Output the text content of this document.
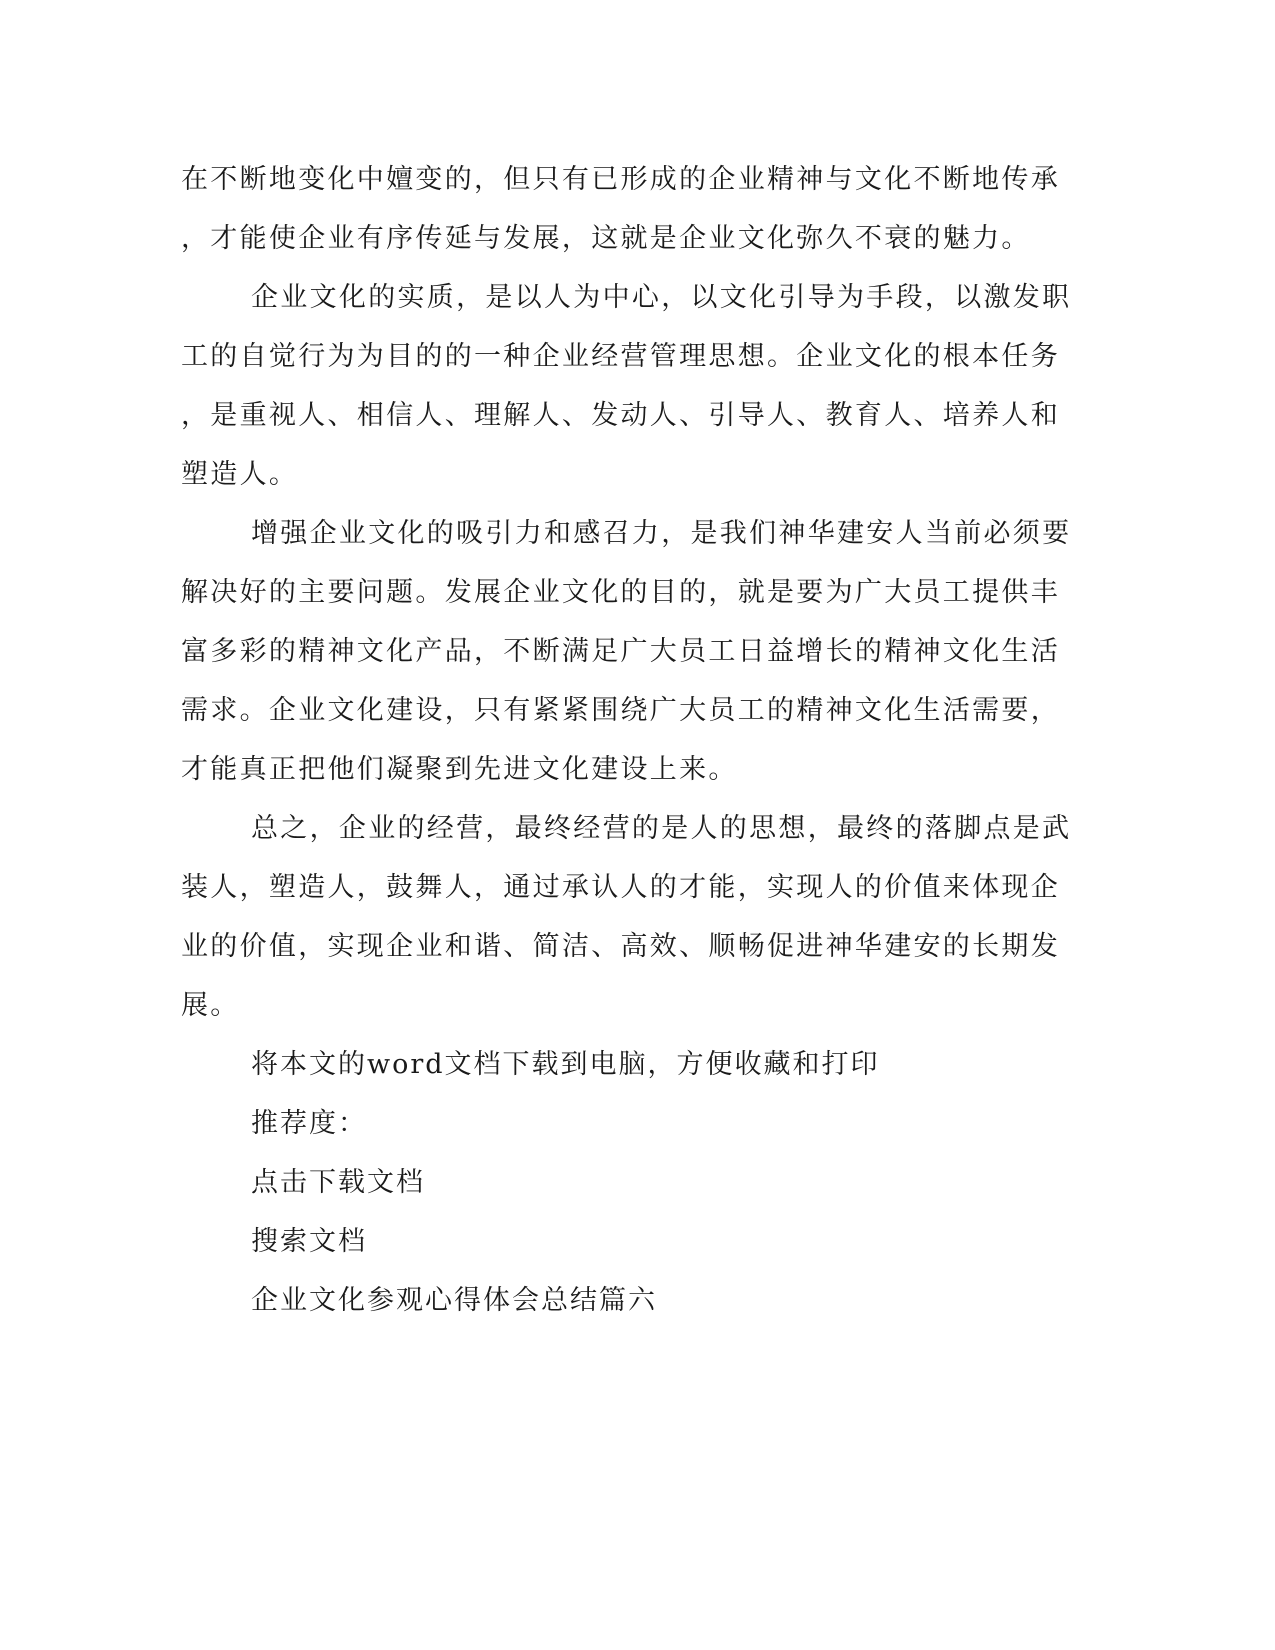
在不断地变化中嬗变的，但只有已形成的企业精神与文化不断地传承

，才能使企业有序传延与发展，这就是企业文化弥久不衰的魅力。

企业文化的实质，是以人为中心，以文化引导为手段，以激发职

工的自觉行为为目的的一种企业经营管理思想。企业文化的根本任务

，是重视人、相信人、理解人、发动人、引导人、教育人、培养人和

塑造人。

增强企业文化的吸引力和感召力，是我们神华建安人当前必须要

解决好的主要问题。发展企业文化的目的，就是要为广大员工提供丰

富多彩的精神文化产品，不断满足广大员工日益增长的精神文化生活

需求。企业文化建设，只有紧紧围绕广大员工的精神文化生活需要，

才能真正把他们凝聚到先进文化建设上来。

总之，企业的经营，最终经营的是人的思想，最终的落脚点是武

装人，塑造人，鼓舞人，通过承认人的才能，实现人的价值来体现企

业的价值，实现企业和谐、简洁、高效、顺畅促进神华建安的长期发

展。

将本文的word文档下载到电脑，方便收藏和打印

推荐度：

点击下载文档

搜索文档

企业文化参观心得体会总结篇六
